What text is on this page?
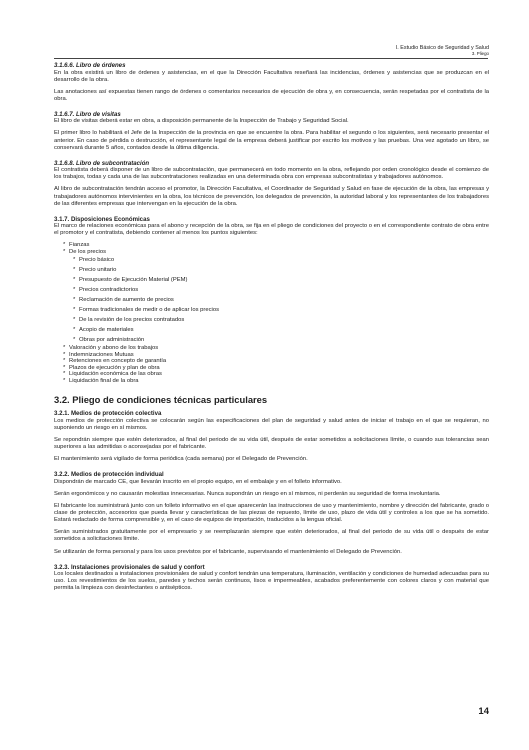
I. Estudio Básico de Seguridad y Salud
3. Pliego
3.1.6.6. Libro de órdenes

En la obra existirá un libro de órdenes y asistencias, en el que la Dirección Facultativa reseñará las incidencias, órdenes y asistencias que se produzcan en el desarrollo de la obra.

Las anotaciones así expuestas tienen rango de órdenes o comentarios necesarios de ejecución de obra y, en consecuencia, serán respetadas por el contratista de la obra.

3.1.6.7. Libro de visitas

El libro de visitas deberá estar en obra, a disposición permanente de la Inspección de Trabajo y Seguridad Social.

El primer libro lo habilitará el Jefe de la Inspección de la provincia en que se encuentre la obra. Para habilitar el segundo o los siguientes, será necesario presentar el anterior. En caso de pérdida o destrucción, el representante legal de la empresa deberá justificar por escrito los motivos y las pruebas. Una vez agotado un libro, se conservará durante 5 años, contados desde la última diligencia.

3.1.6.8. Libro de subcontratación

El contratista deberá disponer de un libro de subcontratación, que permanecerá en todo momento en la obra, reflejando por orden cronológico desde el comienzo de los trabajos, todas y cada una de las subcontrataciones realizadas en una determinada obra con empresas subcontratistas y trabajadores autónomos.

Al libro de subcontratación tendrán acceso el promotor, la Dirección Facultativa, el Coordinador de Seguridad y Salud en fase de ejecución de la obra, las empresas y trabajadores autónomos intervinientes en la obra, los técnicos de prevención, los delegados de prevención, la autoridad laboral y los representantes de los trabajadores de las diferentes empresas que intervengan en la ejecución de la obra.

3.1.7. Disposiciones Económicas

El marco de relaciones económicas para el abono y recepción de la obra, se fija en el pliego de condiciones del proyecto o en el correspondiente contrato de obra entre el promotor y el contratista, debiendo contener al menos los puntos siguientes:

* Fianzas
* De los precios
* Precio básico
* Precio unitario
* Presupuesto de Ejecución Material (PEM)
* Precios contradictorios
* Reclamación de aumento de precios
* Formas tradicionales de medir o de aplicar los precios
* De la revisión de los precios contratados
* Acopio de materiales
* Obras por administración
* Valoración y abono de los trabajos
* Indemnizaciones Mutuas
* Retenciones en concepto de garantía
* Plazos de ejecución y plan de obra
* Liquidación económica de las obras
* Liquidación final de la obra
3.2. Pliego de condiciones técnicas particulares
3.2.1. Medios de protección colectiva

Los medios de protección colectiva se colocarán según las especificaciones del plan de seguridad y salud antes de iniciar el trabajo en el que se requieran, no suponiendo un riesgo en sí mismos.

Se repondrán siempre que estén deteriorados, al final del periodo de su vida útil, después de estar sometidos a solicitaciones límite, o cuando sus tolerancias sean superiores a las admitidas o aconsejadas por el fabricante.

El mantenimiento será vigilado de forma periódica (cada semana) por el Delegado de Prevención.

3.2.2. Medios de protección individual

Dispondrán de marcado CE, que llevarán inscrito en el propio equipo, en el embalaje y en el folleto informativo.

Serán ergonómicos y no causarán molestias innecesarias. Nunca supondrán un riesgo en sí mismos, ni perderán su seguridad de forma involuntaria.

El fabricante los suministrará junto con un folleto informativo en el que aparecerán las instrucciones de uso y mantenimiento, nombre y dirección del fabricante, grado o clase de protección, accesorios que pueda llevar y características de las piezas de repuesto, límite de uso, plazo de vida útil y controles a los que se ha sometido. Estará redactado de forma comprensible y, en el caso de equipos de importación, traducidos a la lengua oficial.

Serán suministrados gratuitamente por el empresario y se reemplazarán siempre que estén deteriorados, al final del periodo de su vida útil o después de estar sometidos a solicitaciones límite.

Se utilizarán de forma personal y para los usos previstos por el fabricante, supervisando el mantenimiento el Delegado de Prevención.

3.2.3. Instalaciones provisionales de salud y confort

Los locales destinados a instalaciones provisionales de salud y confort tendrán una temperatura, iluminación, ventilación y condiciones de humedad adecuadas para su uso. Los revestimientos de los suelos, paredes y techos serán continuos, lisos e impermeables, acabados preferentemente con colores claros y con material que permita la limpieza con desinfectantes o antisépticos.

14
